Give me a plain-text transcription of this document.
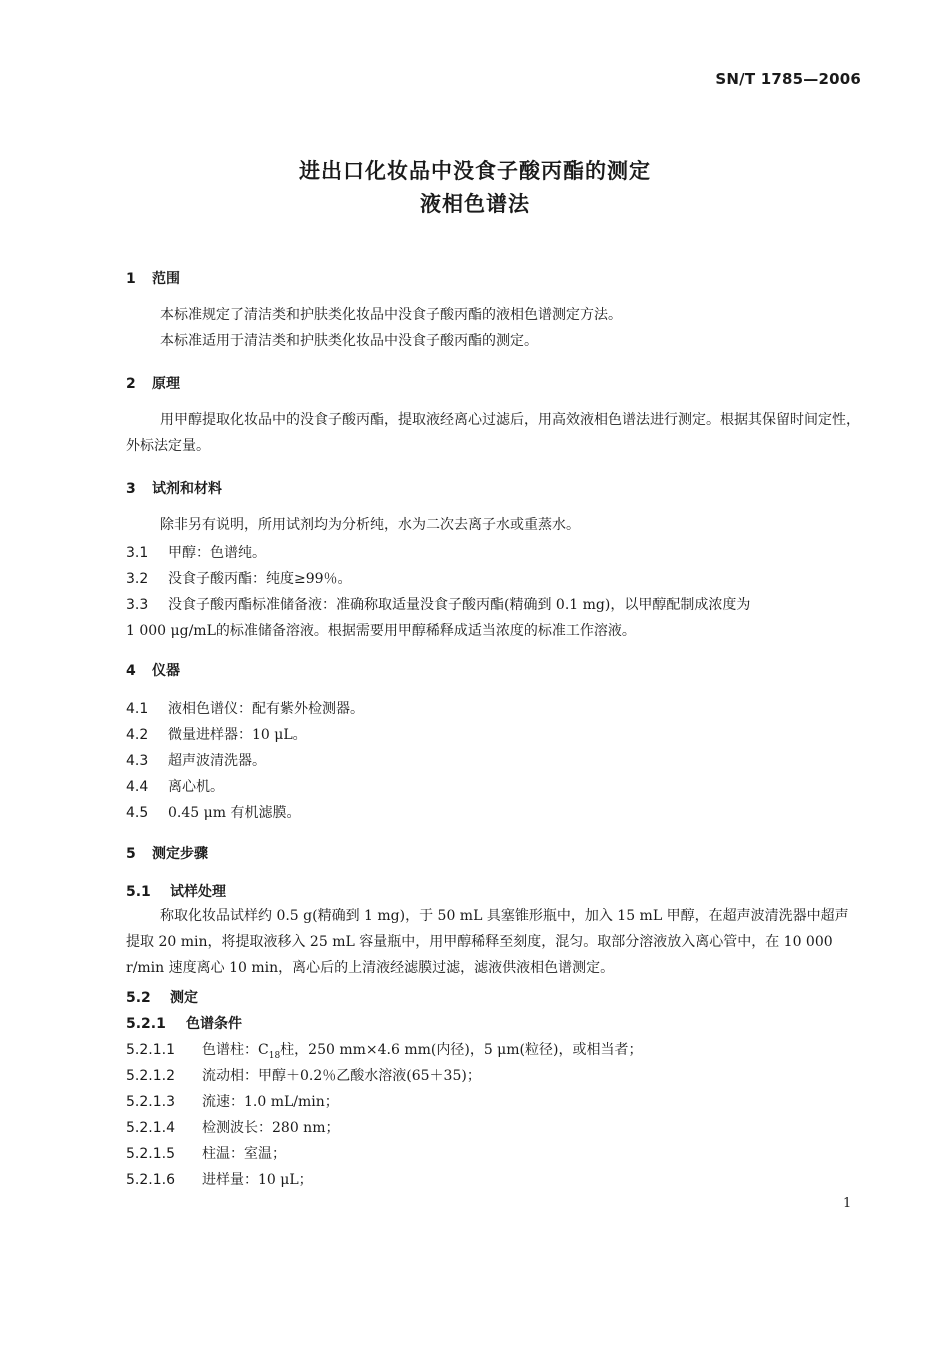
SN/T 1785—2006
进出口化妆品中没食子酸丙酯的测定
液相色谱法
1 范围
本标准规定了清洁类和护肤类化妆品中没食子酸丙酯的液相色谱测定方法。
本标准适用于清洁类和护肤类化妆品中没食子酸丙酯的测定。
2 原理
用甲醇提取化妆品中的没食子酸丙酯，提取液经离心过滤后，用高效液相色谱法进行测定。根据其保留时间定性，外标法定量。
3 试剂和材料
除非另有说明，所用试剂均为分析纯，水为二次去离子水或重蒸水。
3.1 甲醇：色谱纯。
3.2 没食子酸丙酯：纯度≥99％。
3.3 没食子酸丙酯标准储备液：准确称取适量没食子酸丙酯(精确到 0.1 mg)，以甲醇配制成浓度为
1 000 μg/mL的标准储备溶液。根据需要用甲醇稀释成适当浓度的标准工作溶液。
4 仪器
4.1 液相色谱仪：配有紫外检测器。
4.2 微量进样器：10 μL。
4.3 超声波清洗器。
4.4 离心机。
4.5 0.45 μm 有机滤膜。
5 测定步骤
5.1 试样处理
称取化妆品试样约 0.5 g(精确到 1 mg)，于 50 mL 具塞锥形瓶中，加入 15 mL 甲醇，在超声波清洗器中超声提取 20 min，将提取液移入 25 mL 容量瓶中，用甲醇稀释至刻度，混匀。取部分溶液放入离心管中，在 10 000 r/min 速度离心 10 min，离心后的上清液经滤膜过滤，滤液供液相色谱测定。
5.2 测定
5.2.1 色谱条件
5.2.1.1 色谱柱：$C_{18}$柱，250 mm×4.6 mm(内径)，5 μm(粒径)，或相当者；
5.2.1.2 流动相：甲醇＋0.2％乙酸水溶液(65＋35)；
5.2.1.3 流速：1.0 mL/min；
5.2.1.4 检测波长：280 nm；
5.2.1.5 柱温：室温；
5.2.1.6 进样量：10 μL；
1
